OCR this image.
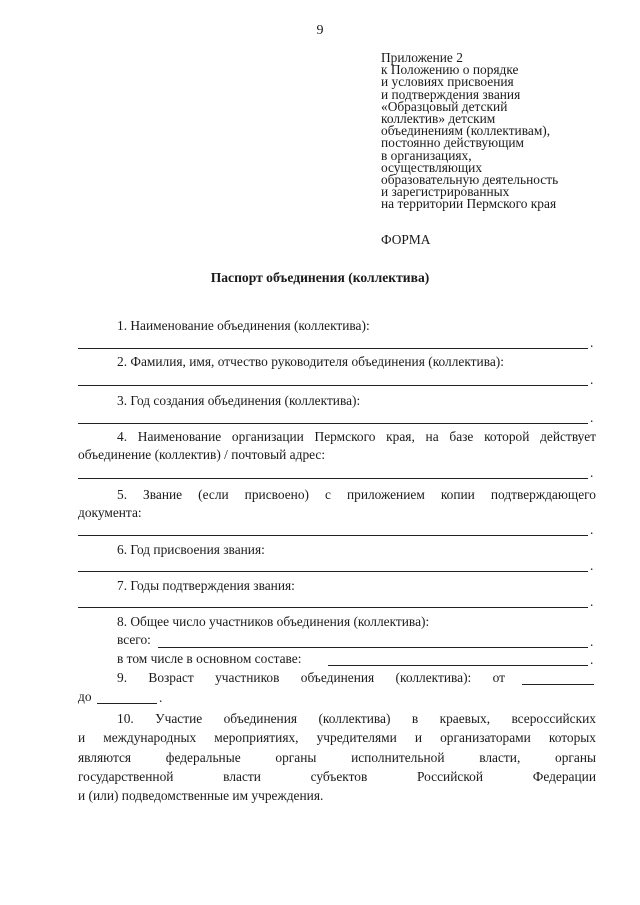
9
Приложение 2
к Положению о порядке
и условиях присвоения
и подтверждения звания
«Образцовый детский
коллектив» детским
объединениям (коллективам),
постоянно действующим
в организациях,
осуществляющих
образовательную деятельность
и зарегистрированных
на территории Пермского края
ФОРМА
Паспорт объединения (коллектива)
1. Наименование объединения (коллектива):
.
2. Фамилия, имя, отчество руководителя объединения (коллектива):
.
3. Год создания объединения (коллектива):
.
4. Наименование организации Пермского края, на базе которой действует
объединение (коллектив) / почтовый адрес:
.
5. Звание (если присвоено) с приложением копии подтверждающего
документа:
.
6. Год присвоения звания:
.
7. Годы подтверждения звания:
.
8. Общее число участников объединения (коллектива):
всего:	.
в том числе в основном составе:	.
9. Возраст участников объединения (коллектива): от
до	.
10. Участие объединения (коллектива) в краевых, всероссийских
и международных мероприятиях, учредителями и организаторами которых
являются федеральные органы исполнительной власти, органы
государственной власти субъектов Российской Федерации
и (или) подведомственные им учреждения.
